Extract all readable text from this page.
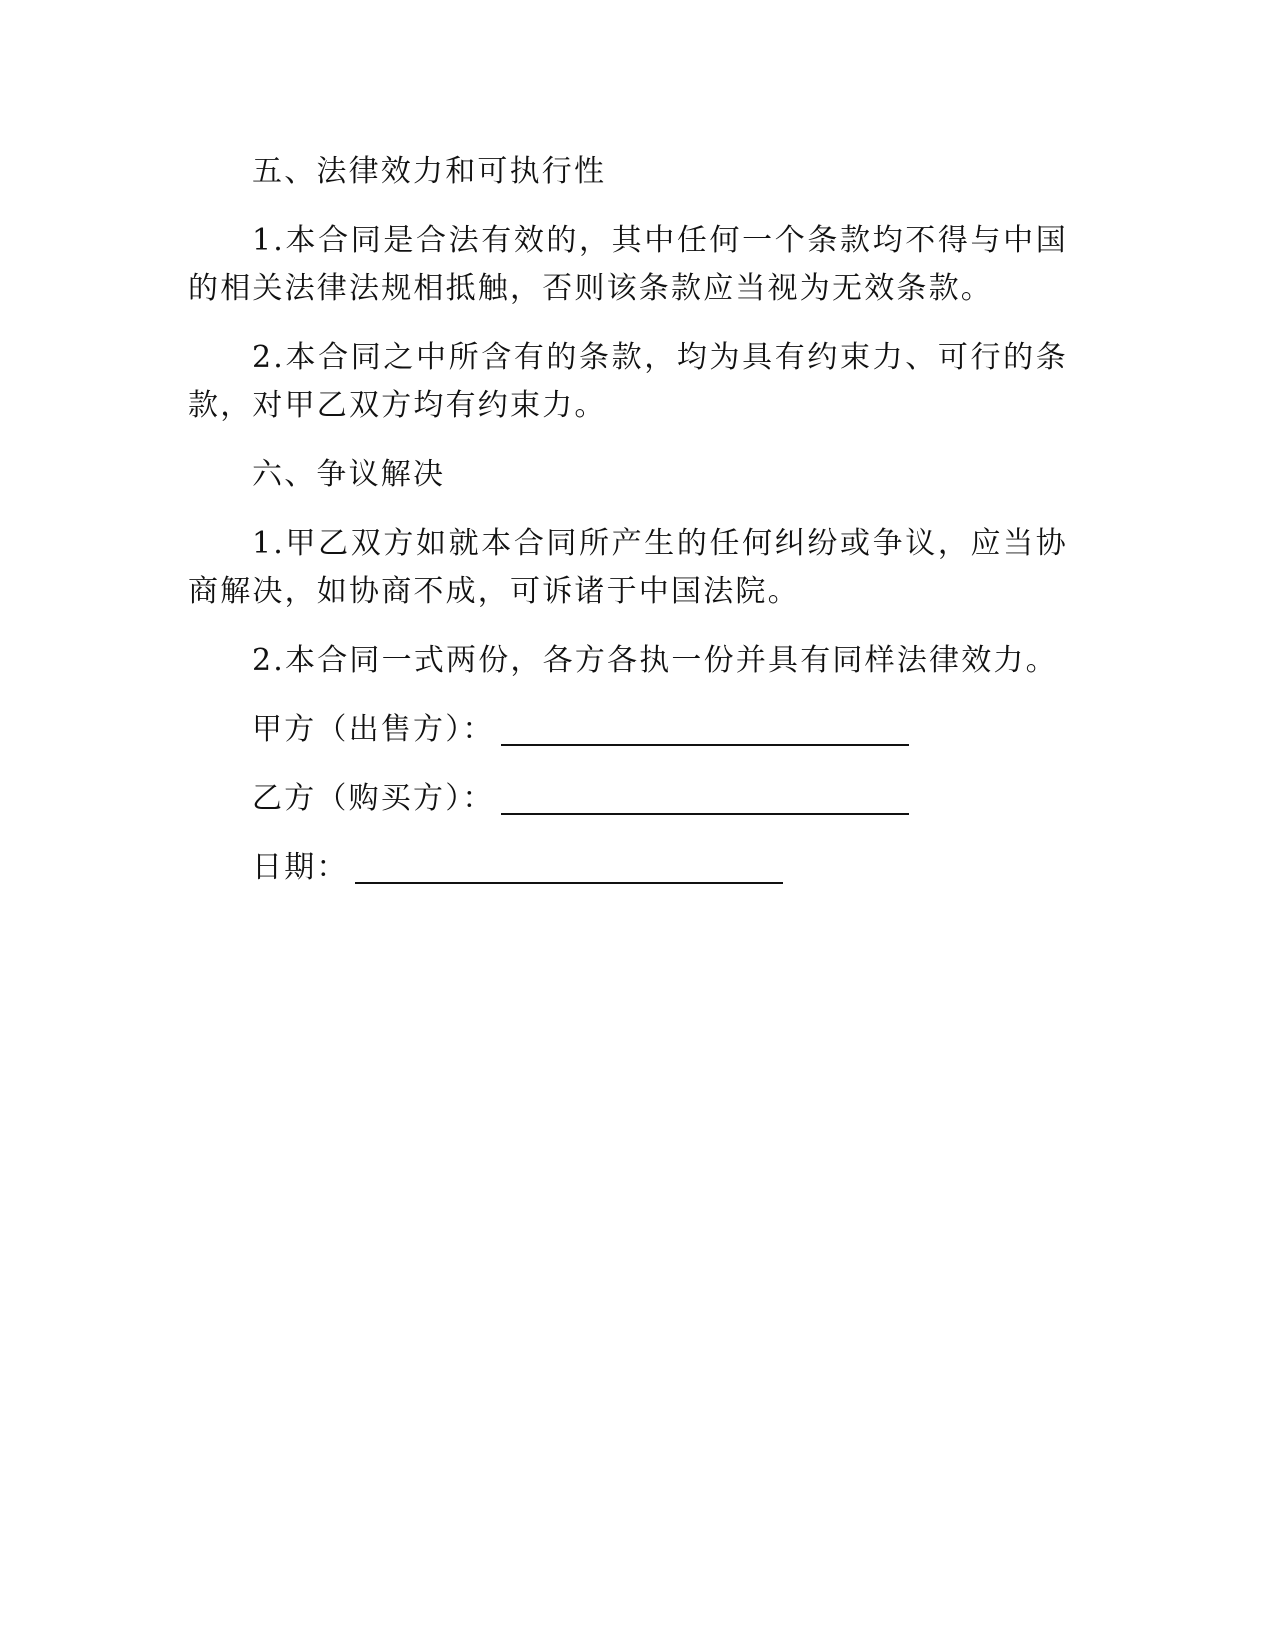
五、法律效力和可执行性

1.本合同是合法有效的，其中任何一个条款均不得与中国的相关法律法规相抵触，否则该条款应当视为无效条款。

2.本合同之中所含有的条款，均为具有约束力、可行的条款，对甲乙双方均有约束力。

六、争议解决

1.甲乙双方如就本合同所产生的任何纠纷或争议，应当协商解决，如协商不成，可诉诸于中国法院。

2.本合同一式两份，各方各执一份并具有同样法律效力。

甲方（出售方）：
乙方（购买方）：
日期：
